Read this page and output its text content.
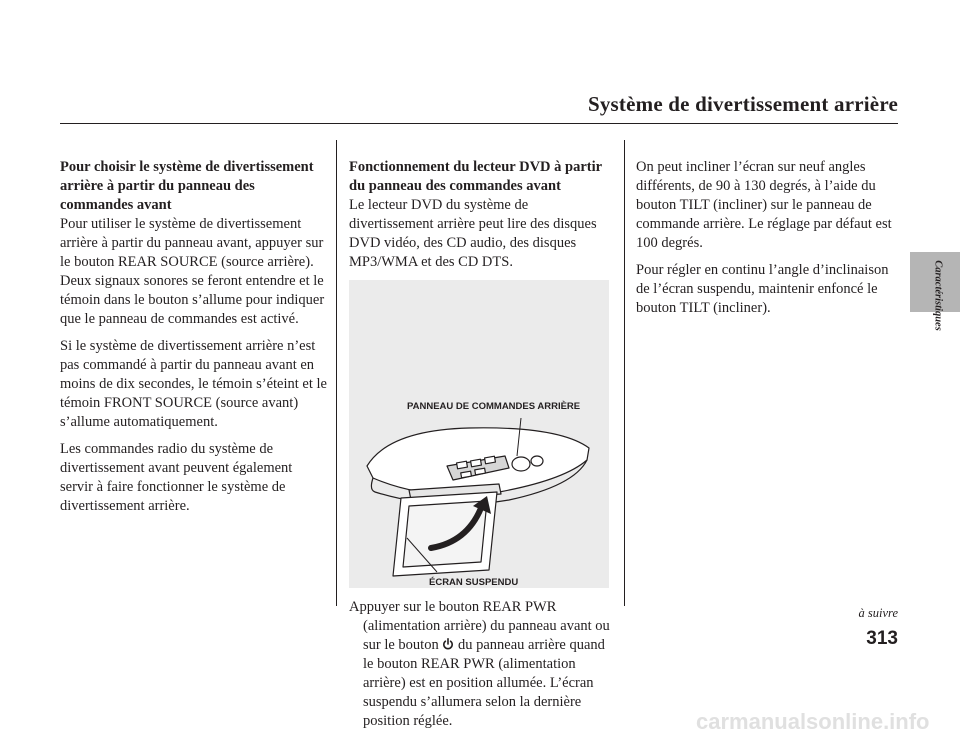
Système de divertissement arrière

Pour choisir le système de divertissement arrière à partir du panneau des commandes avant

Pour utiliser le système de divertissement arrière à partir du panneau avant, appuyer sur le bouton REAR SOURCE (source arrière). Deux signaux sonores se feront entendre et le témoin dans le bouton s’allume pour indiquer que le panneau de commandes est activé.

Si le système de divertissement arrière n’est pas commandé à partir du panneau avant en moins de dix secondes, le témoin s’éteint et le témoin FRONT SOURCE (source avant) s’allume automatiquement.

Les commandes radio du système de divertissement avant peuvent également servir à faire fonctionner le système de divertissement arrière.

Fonctionnement du lecteur DVD à partir du panneau des commandes avant

Le lecteur DVD du système de divertissement arrière peut lire des disques DVD vidéo, des CD audio, des disques MP3/WMA et des CD DTS.

PANNEAU DE COMMANDES ARRIÈRE
ÉCRAN SUSPENDU

Appuyer sur le bouton REAR PWR (alimentation arrière) du panneau avant ou sur le bouton du panneau arrière quand le bouton REAR PWR (alimentation arrière) est en position allumée. L’écran suspendu s’allumera selon la dernière position réglée.

On peut incliner l’écran sur neuf angles différents, de 90 à 130 degrés, à l’aide du bouton TILT (incliner) sur le panneau de commande arrière. Le réglage par défaut est 100 degrés.

Pour régler en continu l’angle d’inclinaison de l’écran suspendu, maintenir enfoncé le bouton TILT (incliner).	Caractéristiques
à suivre
313
carmanualsonline.info
